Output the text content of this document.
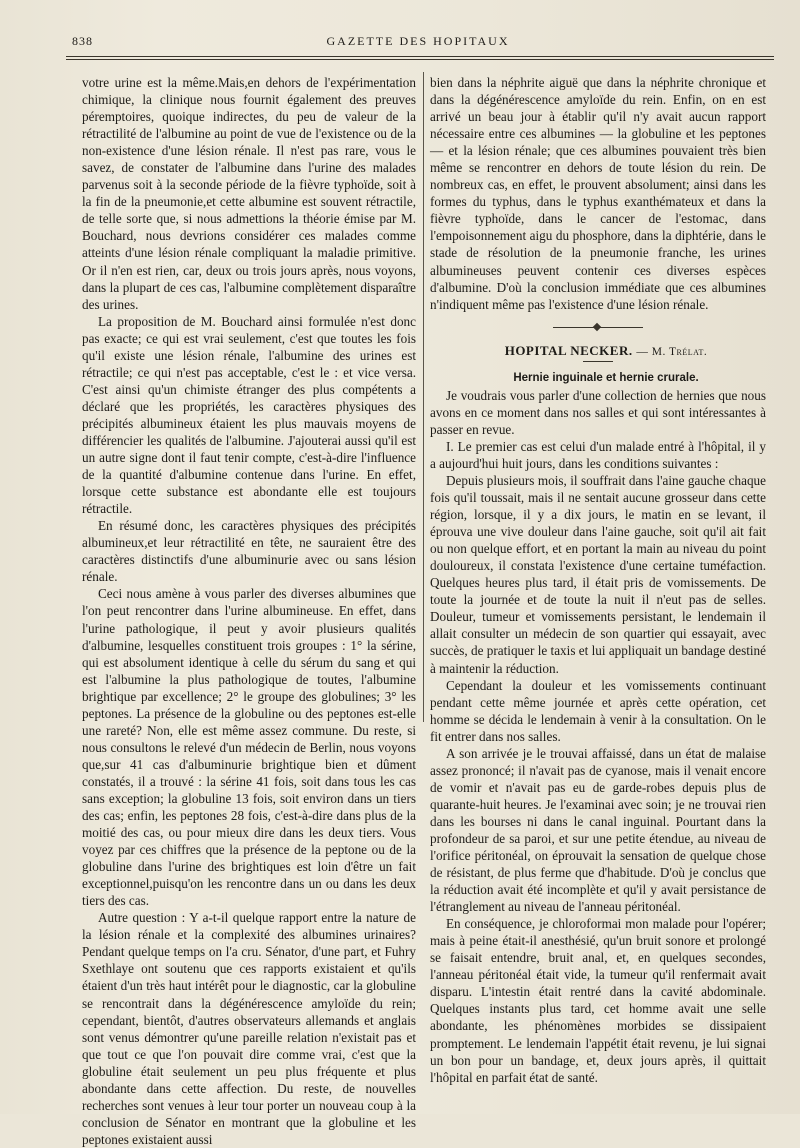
838	GAZETTE DES HOPITAUX

votre urine est la même.Mais,en dehors de l'expérimentation chimique, la clinique nous fournit également des preuves péremptoires, quoique indirectes, du peu de valeur de la rétractilité de l'albumine au point de vue de l'existence ou de la non-existence d'une lésion rénale. Il n'est pas rare, vous le savez, de constater de l'albumine dans l'urine des malades parvenus soit à la seconde période de la fièvre typhoïde, soit à la fin de la pneumonie,et cette albumine est souvent rétractile, de telle sorte que, si nous admettions la théorie émise par M. Bouchard, nous devrions considérer ces malades comme atteints d'une lésion rénale compliquant la maladie primitive. Or il n'en est rien, car, deux ou trois jours après, nous voyons, dans la plupart de ces cas, l'albumine complètement disparaître des urines.

La proposition de M. Bouchard ainsi formulée n'est donc pas exacte; ce qui est vrai seulement, c'est que toutes les fois qu'il existe une lésion rénale, l'albumine des urines est rétractile; ce qui n'est pas acceptable, c'est le : et vice versa. C'est ainsi qu'un chimiste étranger des plus compétents a déclaré que les propriétés, les caractères physiques des précipités albumineux étaient les plus mauvais moyens de différencier les qualités de l'albumine. J'ajouterai aussi qu'il est un autre signe dont il faut tenir compte, c'est-à-dire l'influence de la quantité d'albumine contenue dans l'urine. En effet, lorsque cette substance est abondante elle est toujours rétractile.

En résumé donc, les caractères physiques des précipités albumineux,et leur rétractilité en tête, ne sauraient être des caractères distinctifs d'une albuminurie avec ou sans lésion rénale.

Ceci nous amène à vous parler des diverses albumines que l'on peut rencontrer dans l'urine albumineuse. En effet, dans l'urine pathologique, il peut y avoir plusieurs qualités d'albumine, lesquelles constituent trois groupes : 1° la sérine, qui est absolument identique à celle du sérum du sang et qui est l'albumine la plus pathologique de toutes, l'albumine brightique par excellence; 2° le groupe des globulines; 3° les peptones. La présence de la globuline ou des peptones est-elle une rareté? Non, elle est même assez commune. Du reste, si nous consultons le relevé d'un médecin de Berlin, nous voyons que,sur 41 cas d'albuminurie brightique bien et dûment constatés, il a trouvé : la sérine 41 fois, soit dans tous les cas sans exception; la globuline 13 fois, soit environ dans un tiers des cas; enfin, les peptones 28 fois, c'est-à-dire dans plus de la moitié des cas, ou pour mieux dire dans les deux tiers. Vous voyez par ces chiffres que la présence de la peptone ou de la globuline dans l'urine des brightiques est loin d'être un fait exceptionnel,puisqu'on les rencontre dans un ou dans les deux tiers des cas.

Autre question : Y a-t-il quelque rapport entre la nature de la lésion rénale et la complexité des albumines urinaires? Pendant quelque temps on l'a cru. Sénator, d'une part, et Fuhry Sxethlaye ont soutenu que ces rapports existaient et qu'ils étaient d'un très haut intérêt pour le diagnostic, car la globuline se rencontrait dans la dégénérescence amyloïde du rein; cependant, bientôt, d'autres observateurs allemands et anglais sont venus démontrer qu'une pareille relation n'existait pas et que tout ce que l'on pouvait dire comme vrai, c'est que la globuline était seulement un peu plus fréquente et plus abondante dans cette affection. Du reste, de nouvelles recherches sont venues à leur tour porter un nouveau coup à la conclusion de Sénator en montrant que la globuline et les peptones existaient aussi

bien dans la néphrite aiguë que dans la néphrite chronique et dans la dégénérescence amyloïde du rein. Enfin, on en est arrivé un beau jour à établir qu'il n'y avait aucun rapport nécessaire entre ces albumines — la globuline et les peptones — et la lésion rénale; que ces albumines pouvaient très bien même se rencontrer en dehors de toute lésion du rein. De nombreux cas, en effet, le prouvent absolument; ainsi dans les formes du typhus, dans le typhus exanthémateux et dans la fièvre typhoïde, dans le cancer de l'estomac, dans l'empoisonnement aigu du phosphore, dans la diphtérie, dans le stade de résolution de la pneumonie franche, les urines albumineuses peuvent contenir ces diverses espèces d'albumine. D'où la conclusion immédiate que ces albumines n'indiquent même pas l'existence d'une lésion rénale.

HOPITAL NECKER. — M. Trélat.

Hernie inguinale et hernie crurale.

Je voudrais vous parler d'une collection de hernies que nous avons en ce moment dans nos salles et qui sont intéressantes à passer en revue.

I. Le premier cas est celui d'un malade entré à l'hôpital, il y a aujourd'hui huit jours, dans les conditions suivantes :

Depuis plusieurs mois, il souffrait dans l'aine gauche chaque fois qu'il toussait, mais il ne sentait aucune grosseur dans cette région, lorsque, il y a dix jours, le matin en se levant, il éprouva une vive douleur dans l'aine gauche, soit qu'il ait fait ou non quelque effort, et en portant la main au niveau du point douloureux, il constata l'existence d'une certaine tuméfaction. Quelques heures plus tard, il était pris de vomissements. De toute la journée et de toute la nuit il n'eut pas de selles. Douleur, tumeur et vomissements persistant, le lendemain il allait consulter un médecin de son quartier qui essayait, avec succès, de pratiquer le taxis et lui appliquait un bandage destiné à maintenir la réduction.

Cependant la douleur et les vomissements continuant pendant cette même journée et après cette opération, cet homme se décida le lendemain à venir à la consultation. On le fit entrer dans nos salles.

A son arrivée je le trouvai affaissé, dans un état de malaise assez prononcé; il n'avait pas de cyanose, mais il venait encore de vomir et n'avait pas eu de garde-robes depuis plus de quarante-huit heures. Je l'examinai avec soin; je ne trouvai rien dans les bourses ni dans le canal inguinal. Pourtant dans la profondeur de sa paroi, et sur une petite étendue, au niveau de l'orifice péritonéal, on éprouvait la sensation de quelque chose de résistant, de plus ferme que d'habitude. D'où je conclus que la réduction avait été incomplète et qu'il y avait persistance de l'étranglement au niveau de l'anneau péritonéal.

En conséquence, je chloroformai mon malade pour l'opérer; mais à peine était-il anesthésié, qu'un bruit sonore et prolongé se faisait entendre, bruit anal, et, en quelques secondes, l'anneau péritonéal était vide, la tumeur qu'il renfermait avait disparu. L'intestin était rentré dans la cavité abdominale. Quelques instants plus tard, cet homme avait une selle abondante, les phénomènes morbides se dissipaient promptement. Le lendemain l'appétit était revenu, je lui signai un bon pour un bandage, et, deux jours après, il quittait l'hôpital en parfait état de santé.
